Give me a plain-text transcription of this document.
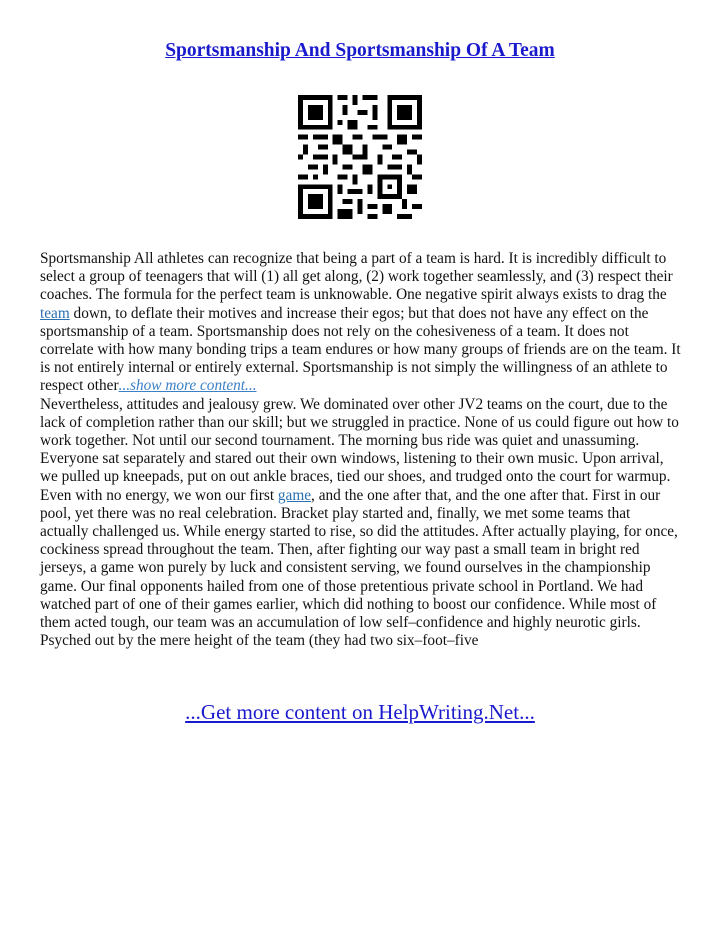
Sportsmanship And Sportsmanship Of A Team
Sportsmanship All athletes can recognize that being a part of a team is hard. It is incredibly difficult to select a group of teenagers that will (1) all get along, (2) work together seamlessly, and (3) respect their coaches. The formula for the perfect team is unknowable. One negative spirit always exists to drag the team down, to deflate their motives and increase their egos; but that does not have any effect on the sportsmanship of a team. Sportsmanship does not rely on the cohesiveness of a team. It does not correlate with how many bonding trips a team endures or how many groups of friends are on the team. It is not entirely internal or entirely external. Sportsmanship is not simply the willingness of an athlete to respect other...show more content...
Nevertheless, attitudes and jealousy grew. We dominated over other JV2 teams on the court, due to the lack of completion rather than our skill; but we struggled in practice. None of us could figure out how to work together. Not until our second tournament. The morning bus ride was quiet and unassuming. Everyone sat separately and stared out their own windows, listening to their own music. Upon arrival, we pulled up kneepads, put on out ankle braces, tied our shoes, and trudged onto the court for warmup. Even with no energy, we won our first game, and the one after that, and the one after that. First in our pool, yet there was no real celebration. Bracket play started and, finally, we met some teams that actually challenged us. While energy started to rise, so did the attitudes. After actually playing, for once, cockiness spread throughout the team. Then, after fighting our way past a small team in bright red jerseys, a game won purely by luck and consistent serving, we found ourselves in the championship game. Our final opponents hailed from one of those pretentious private school in Portland. We had watched part of one of their games earlier, which did nothing to boost our confidence. While most of them acted tough, our team was an accumulation of low self–confidence and highly neurotic girls. Psyched out by the mere height of the team (they had two six–foot–five
...Get more content on HelpWriting.Net...
